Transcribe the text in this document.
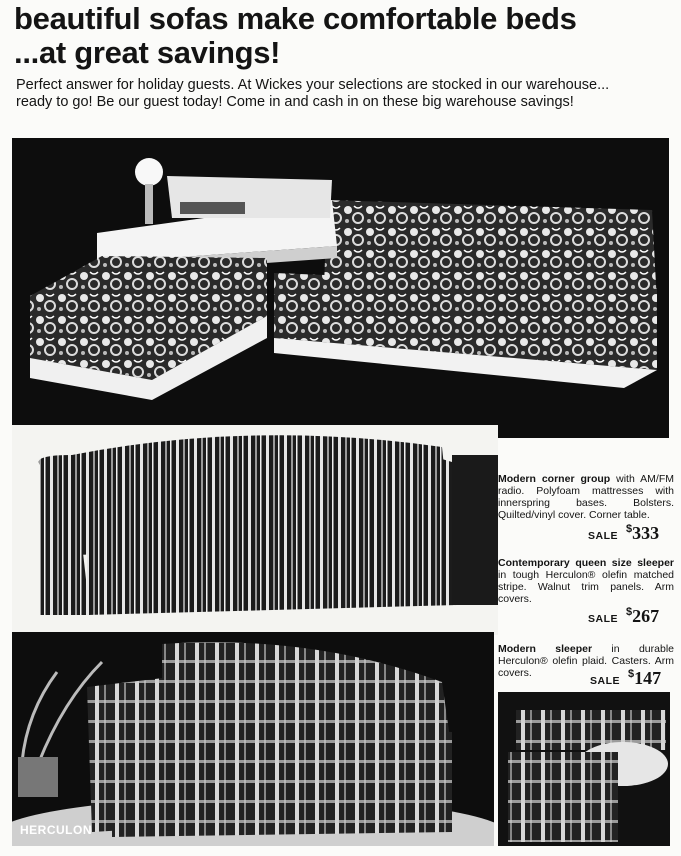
beautiful sofas make comfortable beds
...at great savings!

Perfect answer for holiday guests. At Wickes your selections are stocked in our warehouse... ready to go! Be our guest today! Come in and cash in on these big warehouse savings!

HERCULON
Modern corner group with AM/FM radio. Polyfoam mattresses with innerspring bases. Bolsters. Quilted/vinyl cover. Corner table.
SALE$333
Contemporary queen size sleeper in tough Herculon® olefin matched stripe. Walnut trim panels. Arm covers.
SALE$267
Modern sleeper in durable Herculon® olefin plaid. Casters. Arm covers.
SALE$147
